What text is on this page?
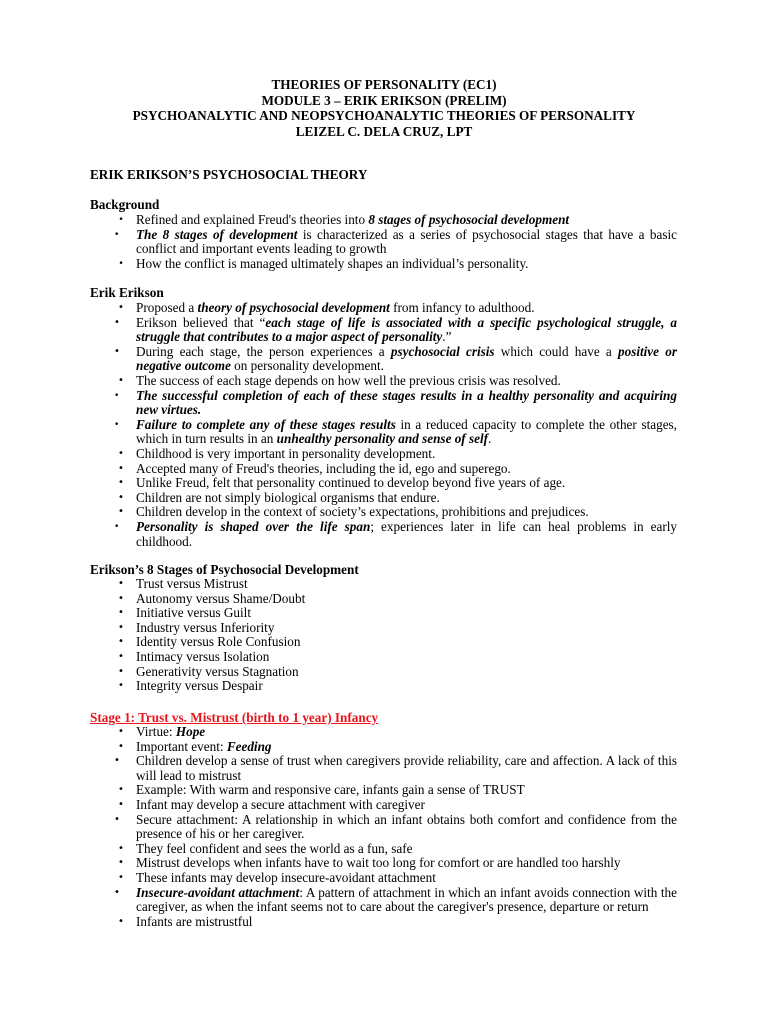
THEORIES OF PERSONALITY (EC1)
MODULE 3 – ERIK ERIKSON (PRELIM)
PSYCHOANALYTIC AND NEOPSYCHOANALYTIC THEORIES OF PERSONALITY
LEIZEL C. DELA CRUZ, LPT
ERIK ERIKSON’S PSYCHOSOCIAL THEORY
Background
• Refined and explained Freud's theories into 8 stages of psychosocial development
•	The 8 stages of development is characterized as a series of psychosocial stages that have a basic conflict and important events leading to growth
• How the conflict is managed ultimately shapes an individual’s personality.
Erik Erikson
• Proposed a theory of psychosocial development from infancy to adulthood.
•	Erikson believed that “each stage of life is associated with a specific psychological struggle, a struggle that contributes to a major aspect of personality.”
•	During each stage, the person experiences a psychosocial crisis which could have a positive or negative outcome on personality development.
• The success of each stage depends on how well the previous crisis was resolved.
•	The successful completion of each of these stages results in a healthy personality and acquiring new virtues.
•	Failure to complete any of these stages results in a reduced capacity to complete the other stages, which in turn results in an unhealthy personality and sense of self.
• Childhood is very important in personality development.
• Accepted many of Freud's theories, including the id, ego and superego.
• Unlike Freud, felt that personality continued to develop beyond five years of age.
• Children are not simply biological organisms that endure.
• Children develop in the context of society’s expectations, prohibitions and prejudices.
•	Personality is shaped over the life span; experiences later in life can heal problems in early childhood.
Erikson’s 8 Stages of Psychosocial Development
• Trust versus Mistrust
• Autonomy versus Shame/Doubt
• Initiative versus Guilt
• Industry versus Inferiority
• Identity versus Role Confusion
• Intimacy versus Isolation
• Generativity versus Stagnation
• Integrity versus Despair
Stage 1: Trust vs. Mistrust (birth to 1 year) Infancy
• Virtue: Hope
• Important event: Feeding
•	Children develop a sense of trust when caregivers provide reliability, care and affection. A lack of this will lead to mistrust
• Example: With warm and responsive care, infants gain a sense of TRUST
• Infant may develop a secure attachment with caregiver
•	Secure attachment: A relationship in which an infant obtains both comfort and confidence from the presence of his or her caregiver.
• They feel confident and sees the world as a fun, safe
• Mistrust develops when infants have to wait too long for comfort or are handled too harshly
• These infants may develop insecure-avoidant attachment
•	Insecure-avoidant attachment: A pattern of attachment in which an infant avoids connection with the caregiver, as when the infant seems not to care about the caregiver's presence, departure or return
• Infants are mistrustful
